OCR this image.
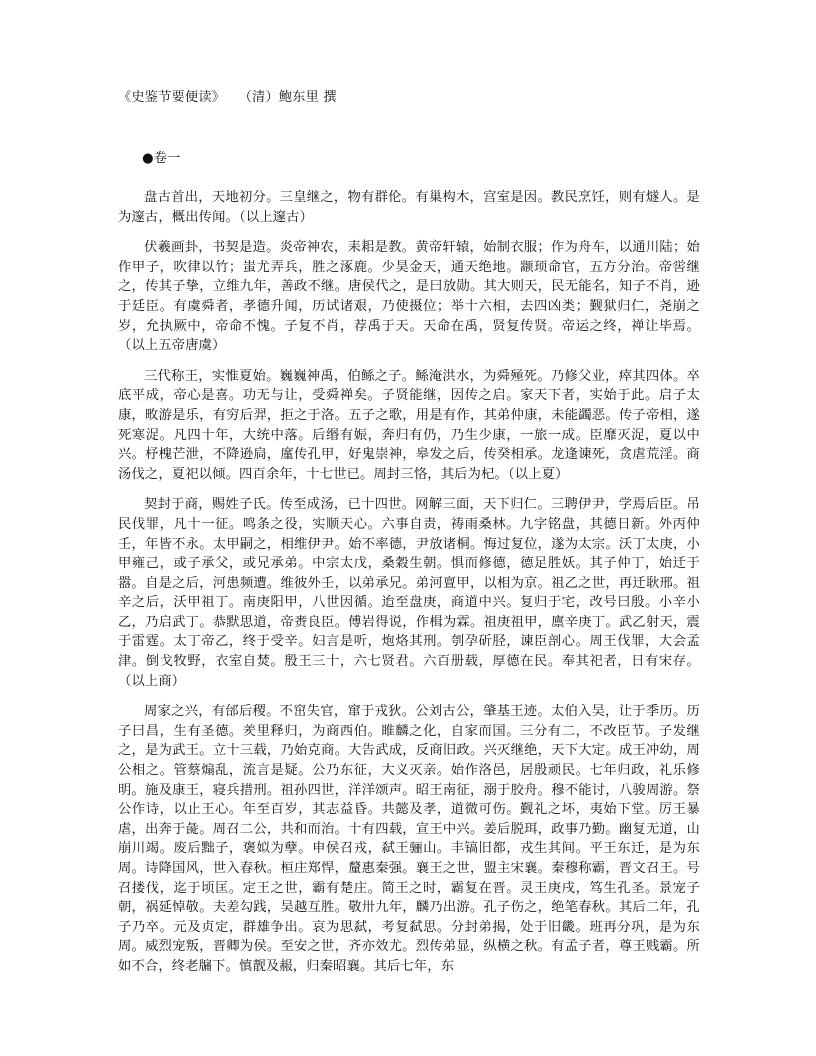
《史鉴节要便读》　　（清）鲍东里 撰
●卷一

盘古首出，天地初分。三皇继之，物有群伦。有巢构木，宫室是因。教民烹饪，则有燧人。是为邃古，概出传闻。（以上邃古）

伏羲画卦，书契是造。炎帝神农，耒耜是教。黄帝轩辕，始制衣服；作为舟车，以通川陆；始作甲子，吹律以竹；蚩尤弄兵，胜之涿鹿。少昊金天，通天绝地。颛顼命官，五方分治。帝喾继之，传其子挚，立维九年，善政不继。唐侯代之，是曰放勋。其大则天，民无能名，知子不肖，逊于廷臣。有虞舜者，孝德升闻，历试诸艰，乃使摄位；举十六相，去四凶类；觐狱归仁，尧崩之岁，允执厥中，帝命不愧。子复不肖，荐禹于天。天命在禹，贤复传贤。帝运之终，禅让毕焉。（以上五帝唐虞）

三代称王，实惟夏始。巍巍神禹，伯鲧之子。鲧淹洪水，为舜殛死。乃修父业，瘁其四体。卒底平成，帝心是喜。功无与让，受舜禅矣。子贤能继，因传之启。家天下者，实始于此。启子太康，畋游是乐，有穷后羿，拒之于洛。五子之歌，用是有作，其弟仲康，未能蠲恶。传子帝相，遂死寒浞。凡四十年，大统中落。后缗有娠，奔归有仍，乃生少康，一旅一成。臣靡灭浞，夏以中兴。杼槐芒泄，不降逊扃，廑传孔甲，好鬼崇神，皋发之后，传癸相承。龙逢谏死，贪虐荒淫。商汤伐之，夏祀以倾。四百余年，十七世已。周封三恪，其后为杞。（以上夏）

契封于商，赐姓子氏。传至成汤，已十四世。网解三面，天下归仁。三聘伊尹，学焉后臣。吊民伐罪，凡十一征。鸣条之役，实顺天心。六事自责，祷雨桑林。九字铭盘，其德日新。外丙仲壬，年皆不永。太甲嗣之，相维伊尹。始不率德，尹放诸桐。悔过复位，遂为太宗。沃丁太庚，小甲雍己，或子承父，或兄承弟。中宗太戊，桑穀生朝。惧而修德，德足胜妖。其子仲丁，始迁于嚣。自是之后，河患频遭。维彼外壬，以弟承兄。弟河亶甲，以相为京。祖乙之世，再迁耿邢。祖辛之后，沃甲祖丁。南庚阳甲，八世因循。迨至盘庚，商道中兴。复归于宅，改号曰殷。小辛小乙，乃启武丁。恭默思道，帝赉良臣。傅岩得说，作楫为霖。祖庚祖甲，廪辛庚丁。武乙射天，震于雷霆。太丁帝乙，终于受辛。妇言是听，炮烙其刑。刳孕斫胫，谏臣剖心。周王伐罪，大会孟津。倒戈牧野，衣室自焚。殷王三十，六七贤君。六百册载，厚德在民。奉其祀者，日有宋存。（以上商）

周家之兴，有邰后稷。不窋失官，窜于戎狄。公刘古公，肇基王迹。太伯入吴，让于季历。历子曰昌，生有圣德。羑里释归，为商西伯。睢麟之化，自家而国。三分有二，不改臣节。子发继之，是为武王。立十三载，乃始克商。大告武成，反商旧政。兴灭继绝，天下大定。成王冲幼，周公相之。管蔡煽乱，流言是疑。公乃东征，大义灭亲。始作洛邑，居殷顽民。七年归政，礼乐修明。施及康王，寝兵措刑。祖孙四世，洋洋颂声。昭王南征，溺于胶舟。穆不能讨，八骏周游。祭公作诗，以止王心。年至百岁，其志益昏。共懿及孝，道微可伤。觐礼之坏，夷始下堂。厉王暴虐，出奔于彘。周召二公，共和而治。十有四载，宣王中兴。姜后脱珥，政事乃勤。幽复无道，山崩川竭。废后黜子，褒姒为孽。申侯召戎，弑王骊山。丰镐旧都，戎生其间。平王东迁，是为东周。诗降国风，世入春秋。桓庄郑悍，釐惠秦强。襄王之世，盟主宋襄。秦穆称霸，晋文召王。号召搂伐，迄于顷匡。定王之世，霸有楚庄。简王之时，霸复在晋。灵王庚戌，笃生孔圣。景宠子朝，祸延悼敬。夫差勾践，吴越互胜。敬卅九年，麟乃出游。孔子伤之，绝笔春秋。其后二年，孔子乃卒。元及贞定，群雄争出。哀为思弑，考复弑思。分封弟揭，处于旧畿。班再分巩，是为东周。威烈宠叛，晋卿为侯。至安之世，齐亦效尤。烈传弟显，纵横之秋。有孟子者，尊王贱霸。所如不合，终老牖下。慎靓及赧，归秦昭襄。其后七年，东
